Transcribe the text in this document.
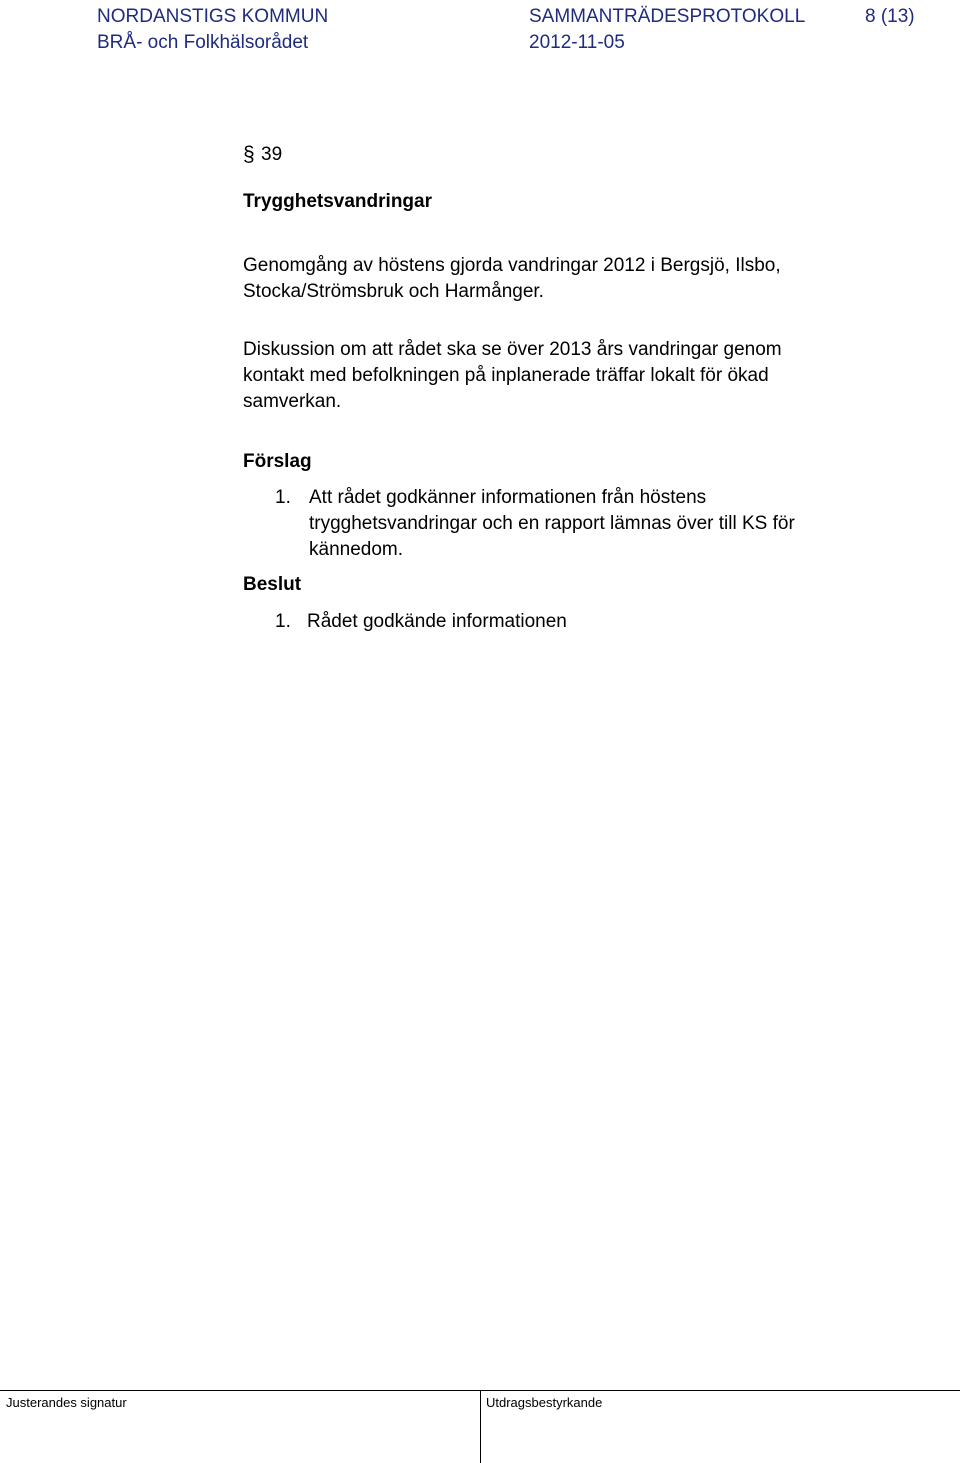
NORDANSTIGS KOMMUN	SAMMANTRÄDESPROTOKOLL	8 (13)
BRÅ- och Folkhälsorådet	2012-11-05
§ 39
Trygghetsvandringar
Genomgång av höstens gjorda vandringar 2012 i Bergsjö, Ilsbo,
Stocka/Strömsbruk och Harmånger.
Diskussion om att rådet ska se över 2013 års vandringar genom
kontakt med befolkningen på inplanerade träffar lokalt för ökad
samverkan.
Förslag
1. Att rådet godkänner informationen från höstens
trygghetsvandringar och en rapport lämnas över till KS för
kännedom.
Beslut
1. Rådet godkände informationen
Justerandes signatur	Utdragsbestyrkande
